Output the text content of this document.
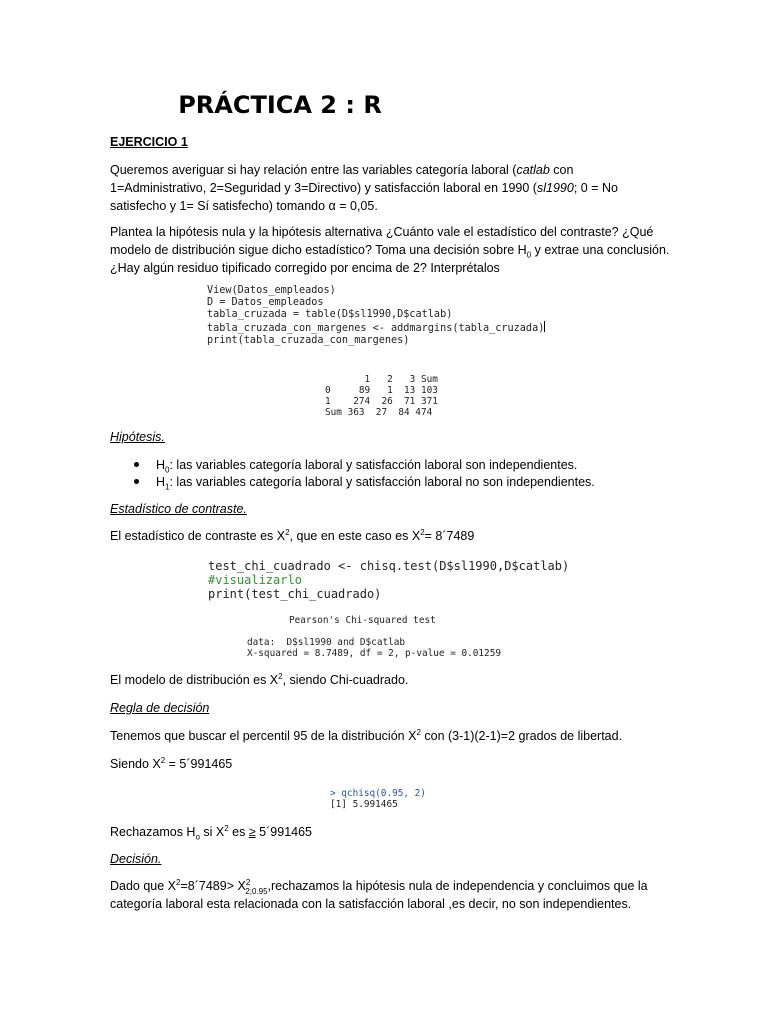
PRÁCTICA 2 : R

EJERCICIO 1

Queremos averiguar si hay relación entre las variables categoría laboral (catlab con 1=Administrativo, 2=Seguridad y 3=Directivo) y satisfacción laboral en 1990 (sl1990; 0 = No satisfecho y 1= Sí satisfecho) tomando α = 0,05.

Plantea la hipótesis nula y la hipótesis alternativa ¿Cuánto vale el estadístico del contraste? ¿Qué modelo de distribución sigue dicho estadístico? Toma una decisión sobre $H_0$ y extrae una conclusión. ¿Hay algún residuo tipificado corregido por encima de 2? Interprétalos

View(Datos_empleados)
D = Datos_empleados
tabla_cruzada = table(D$sl1990,D$catlab)
tabla_cruzada_con_margenes <- addmargins(tabla_cruzada)
print(tabla_cruzada_con_margenes)
1   2   3 Sum
0     89   1  13 103
1    274  26  71 371
Sum 363  27  84 474

Hipótesis.

$H_0$: las variables categoría laboral y satisfacción laboral son independientes.
$H_1$: las variables categoría laboral y satisfacción laboral no son independientes.

Estadístico de contraste.

El estadístico de contraste es $X^2$, que en este caso es $X^2=$ 8´7489

test_chi_cuadrado <- chisq.test(D$sl1990,D$catlab)
#visualizarlo
print(test_chi_cuadrado)
Pearson's Chi-squared test

data:  D$sl1990 and D$catlab
X-squared = 8.7489, df = 2, p-value = 0.01259

El modelo de distribución es $X^2$, siendo Chi-cuadrado.

Regla de decisión

Tenemos que buscar el percentil 95 de la distribución $X^2$ con (3-1)(2-1)=2 grados de libertad.

Siendo $X^2$ = 5´991465

> qchisq(0.95, 2)
[1] 5.991465

Rechazamos $H_o$ si $X^2$ es ≥ 5´991465

Decisión.

Dado que $X^2=8´7489>$ $X^2_{2;0.95},rechazamos$ la hipótesis nula de independencia y concluimos que la categoría laboral esta relacionada con la satisfacción laboral ,es decir, no son independientes.
